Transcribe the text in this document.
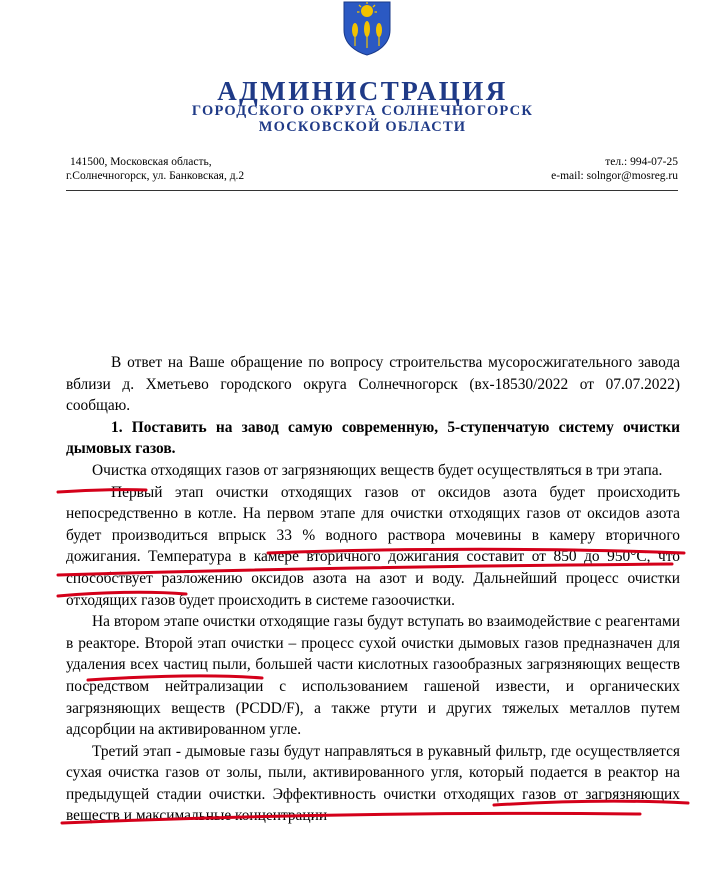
АДМИНИСТРАЦИЯ
ГОРОДСКОГО ОКРУГА СОЛНЕЧНОГОРСК
МОСКОВСКОЙ ОБЛАСТИ
141500, Московская область,
г.Солнечногорск, ул. Банковская, д.2
тел.: 994-07-25
e-mail: solngor@mosreg.ru

В ответ на Ваше обращение по вопросу строительства мусоросжигательного завода вблизи д. Хметьево городского округа Солнечногорск (вх-18530/2022 от 07.07.2022) сообщаю.

1. Поставить на завод самую современную, 5-ступенчатую систему очистки дымовых газов.

Очистка отходящих газов от загрязняющих веществ будет осуществляться в три этапа.

Первый этап очистки отходящих газов от оксидов азота будет происходить непосредственно в котле. На первом этапе для очистки отходящих газов от оксидов азота будет производиться впрыск 33 % водного раствора мочевины в камеру вторичного дожигания. Температура в камере вторичного дожигания составит от 850 до 950°С, что способствует разложению оксидов азота на азот и воду. Дальнейший процесс очистки отходящих газов будет происходить в системе газоочистки.

На втором этапе очистки отходящие газы будут вступать во взаимодействие с реагентами в реакторе. Второй этап очистки – процесс сухой очистки дымовых газов предназначен для удаления всех частиц пыли, большей части кислотных газообразных загрязняющих веществ посредством нейтрализации с использованием гашеной извести, и органических загрязняющих веществ (PCDD/F), а также ртути и других тяжелых металлов путем адсорбции на активированном угле.

Третий этап - дымовые газы будут направляться в рукавный фильтр, где осуществляется сухая очистка газов от золы, пыли, активированного угля, который подается в реактор на предыдущей стадии очистки. Эффективность очистки отходящих газов от загрязняющих веществ и максимальные концентрации
